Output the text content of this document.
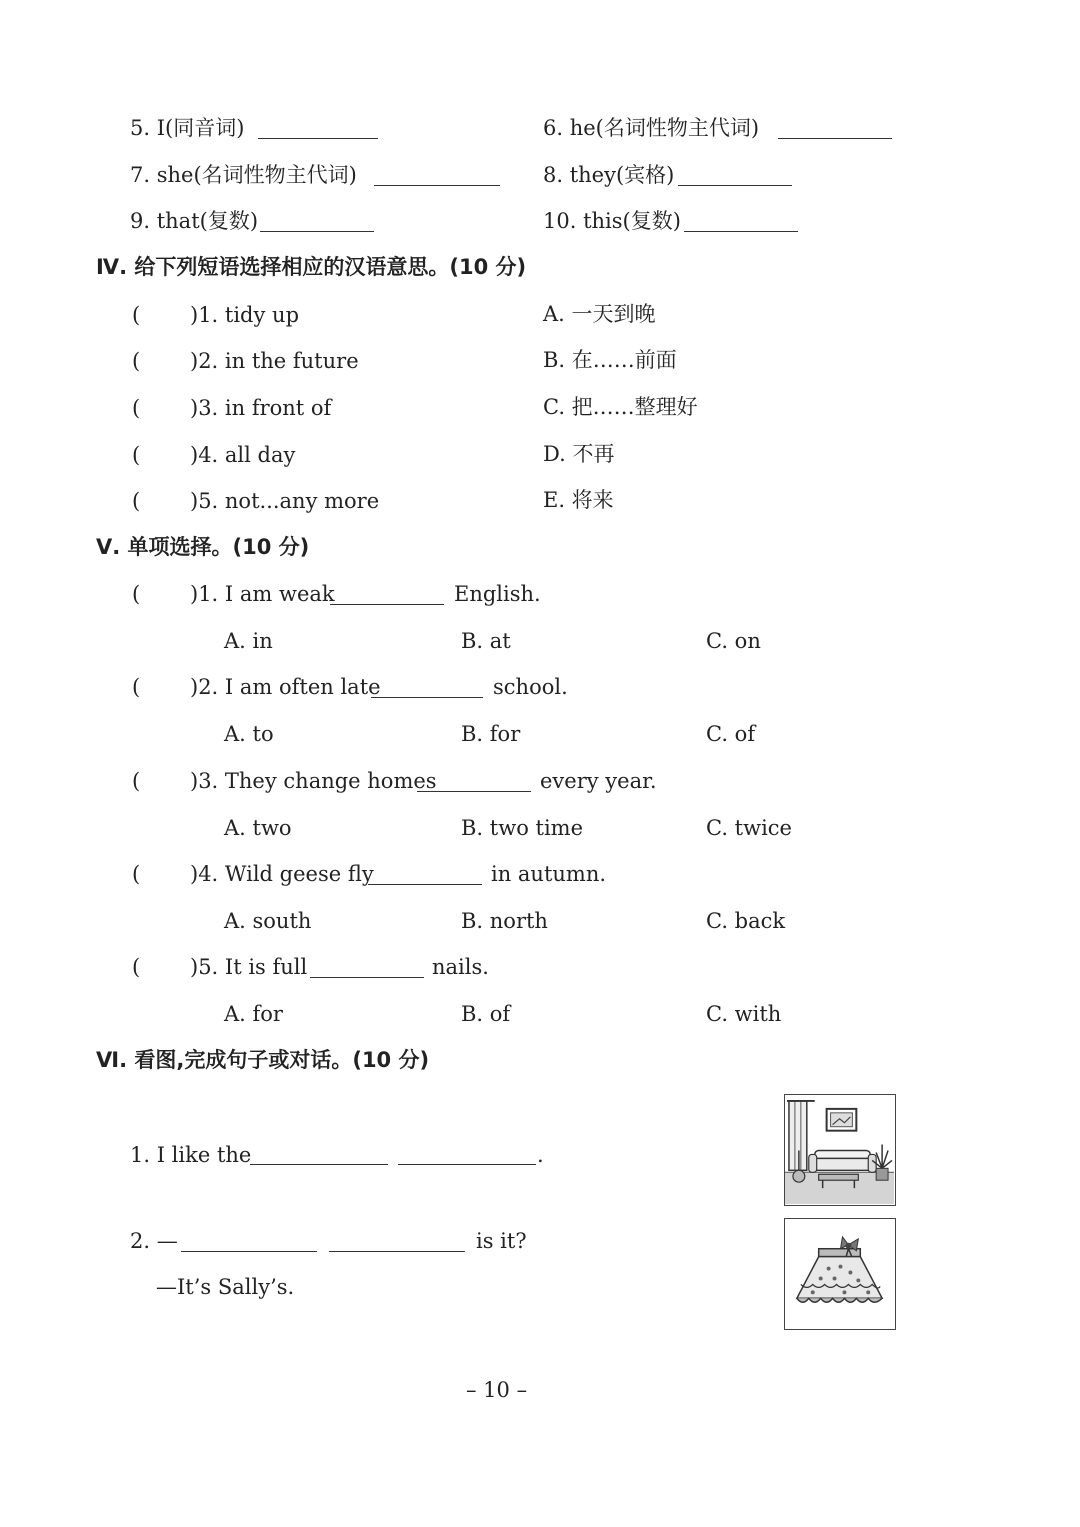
5. I(同音词)	6. he(名词性物主代词)
7. she(名词性物主代词)	8. they(宾格)
9. that(复数)	10. this(复数)
Ⅳ. 给下列短语选择相应的汉语意思。(10 分)
( )1. tidy up	A. 一天到晚
( )2. in the future	B. 在……前面
( )3. in front of	C. 把……整理好
( )4. all day	D. 不再
( )5. not...any more	E. 将来
Ⅴ. 单项选择。(10 分)
( )1. I am weak	English.
A. in	B. at	C. on
( )2. I am often late	school.
A. to	B. for	C. of
( )3. They change homes	every year.
A. two	B. two time	C. twice
( )4. Wild geese fly	in autumn.
A. south	B. north	C. back
( )5. It is full	nails.
A. for	B. of	C. with
Ⅵ. 看图,完成句子或对话。(10 分)
1. I like the	.
2. —	is it?
—It’s Sally’s.
– 10 –
